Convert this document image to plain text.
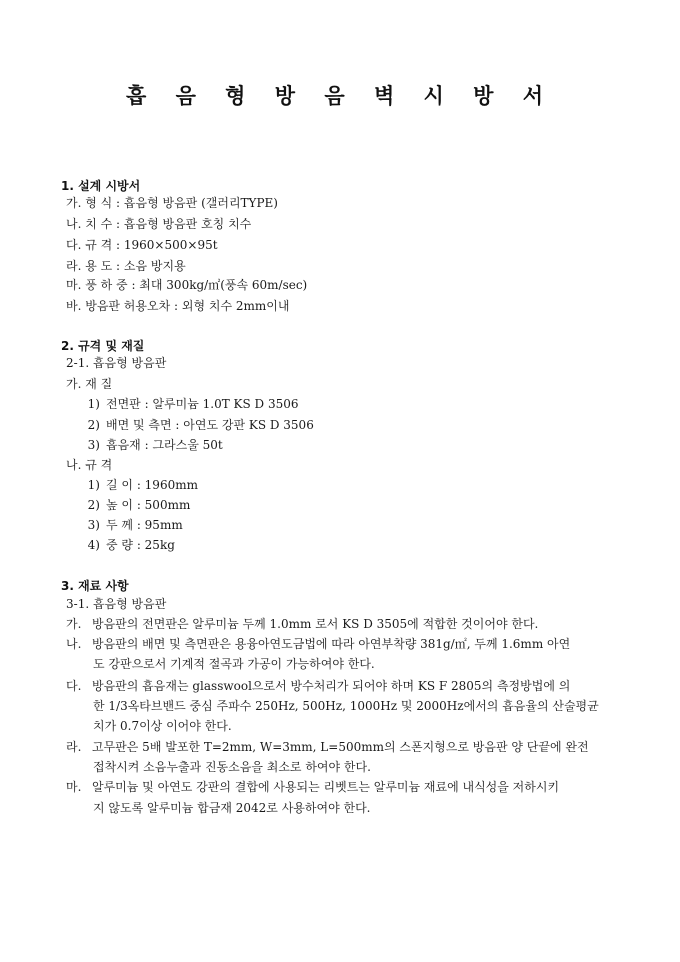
흡 음 형 방 음 벽 시 방 서
1. 설계 시방서
가. 형 식 : 흡음형 방음판 (갤러리TYPE)
나. 치 수 : 흡음형 방음판 호칭 치수
다. 규 격 : 1960×500×95t
라. 용 도 : 소음 방지용
마. 풍 하 중 : 최대 300kg/㎡(풍속 60m/sec)
바. 방음판 허용오차 : 외형 치수 2mm이내
2. 규격 및 재질
2-1. 흡음형 방음판
가. 재 질
1) 전면판 : 알루미늄 1.0T KS D 3506
2) 배면 및 측면 : 아연도 강판 KS D 3506
3) 흡음재 : 그라스울 50t
나. 규 격
1) 길 이 : 1960mm
2) 높 이 : 500mm
3) 두 께 : 95mm
4) 중 량 : 25kg
3. 재료 사항
3-1. 흡음형 방음판
가. 방음판의 전면판은 알루미늄 두께 1.0mm 로서 KS D 3505에 적합한 것이어야 한다.
나. 방음판의 배면 및 측면판은 용융아연도금법에 따라 아연부착량 381g/㎡, 두께 1.6mm 아연
도 강판으로서 기계적 절곡과 가공이 가능하여야 한다.
다. 방음판의 흡음재는 glasswool으로서 방수처리가 되어야 하며 KS F 2805의 측정방법에 의
한 1/3옥타브밴드 중심 주파수 250Hz, 500Hz, 1000Hz 및 2000Hz에서의 흡음율의 산술평균
치가 0.7이상 이어야 한다.
라. 고무판은 5배 발포한 T=2mm, W=3mm, L=500mm의 스폰지형으로 방음판 양 단끝에 완전
접착시켜 소음누출과 진동소음을 최소로 하여야 한다.
마. 알루미늄 및 아연도 강판의 결합에 사용되는 리벳트는 알루미늄 재료에 내식성을 저하시키
지 않도록 알루미늄 합금재 2042로 사용하여야 한다.
